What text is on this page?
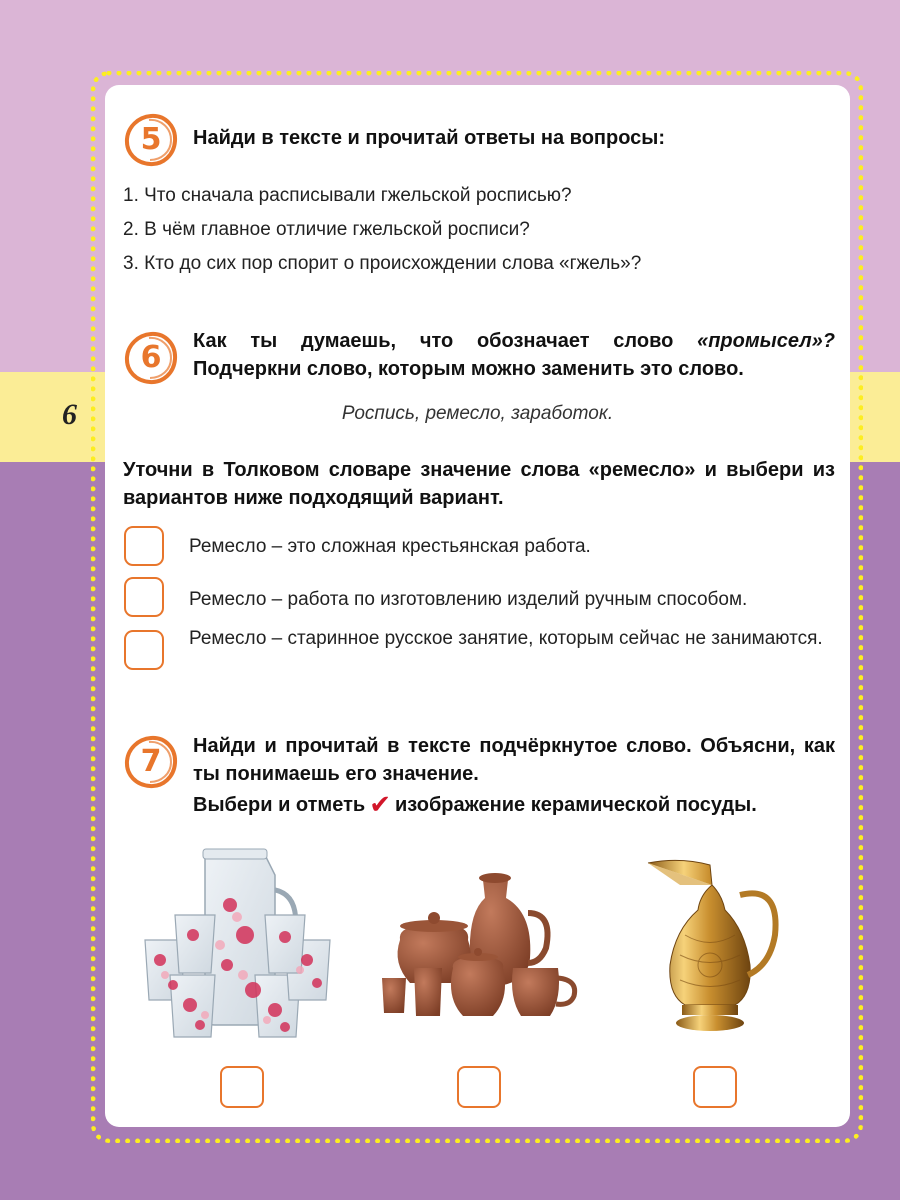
6
5	Найди в тексте и прочитай ответы на вопросы:
1. Что сначала расписывали гжельской росписью?
2. В чём главное отличие гжельской росписи?
3. Кто до сих пор спорит о происхождении слова «гжель»?
6	Как ты думаешь, что обозначает слово «промысел»? Подчеркни слово, которым можно заменить это слово.
Роспись, ремесло, заработок.
Уточни в Толковом словаре значение слова «ремесло» и выбери из вариантов ниже подходящий вариант.
Ремесло – это сложная крестьянская работа.
Ремесло – работа по изготовлению изделий ручным способом.
Ремесло – старинное русское занятие, которым сейчас не занимаются.
7	Найди и прочитай в тексте подчёркнутое слово. Объясни, как ты понимаешь его значение.
Выбери и отметь ✔ изображение керамической посуды.
